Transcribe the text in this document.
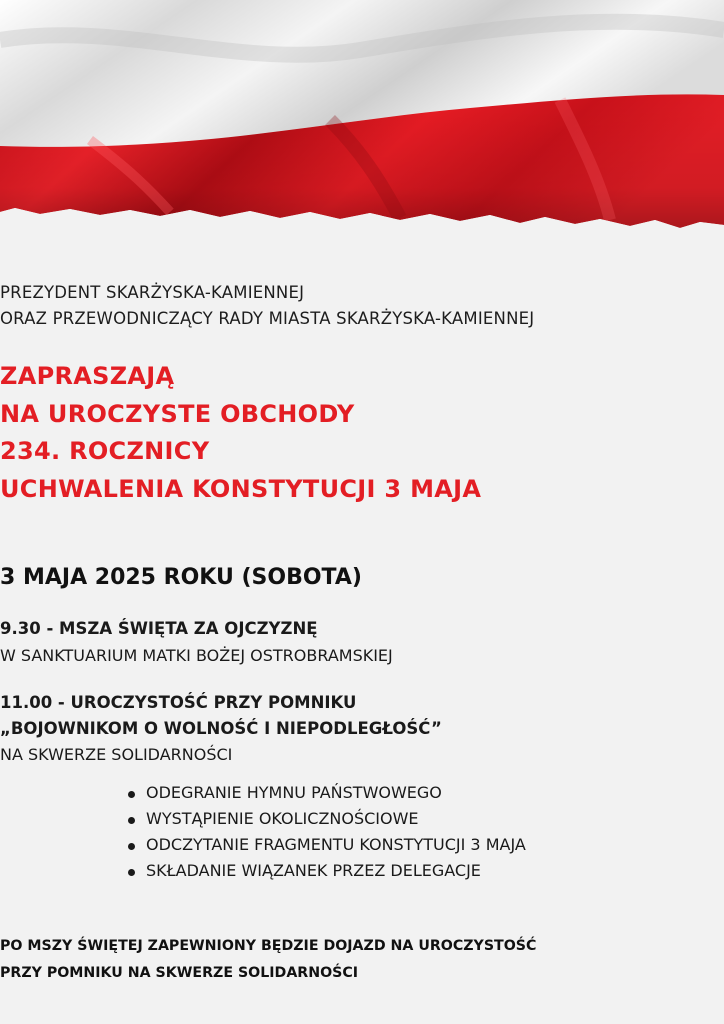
PREZYDENT SKARŻYSKA-KAMIENNEJ
ORAZ PRZEWODNICZĄCY RADY MIASTA SKARŻYSKA-KAMIENNEJ
ZAPRASZAJĄ
NA UROCZYSTE OBCHODY
234. ROCZNICY
UCHWALENIA KONSTYTUCJI 3 MAJA
3 MAJA 2025 ROKU (SOBOTA)
9.30 - MSZA ŚWIĘTA ZA OJCZYZNĘ
W SANKTUARIUM MATKI BOŻEJ OSTROBRAMSKIEJ
11.00 - UROCZYSTOŚĆ PRZY POMNIKU
„BOJOWNIKOM O WOLNOŚĆ I NIEPODLEGŁOŚĆ”
NA SKWERZE SOLIDARNOŚCI
ODEGRANIE HYMNU PAŃSTWOWEGO
WYSTĄPIENIE OKOLICZNOŚCIOWE
ODCZYTANIE FRAGMENTU KONSTYTUCJI 3 MAJA
SKŁADANIE WIĄZANEK PRZEZ DELEGACJE
PO MSZY ŚWIĘTEJ ZAPEWNIONY BĘDZIE DOJAZD NA UROCZYSTOŚĆ
PRZY POMNIKU NA SKWERZE SOLIDARNOŚCI
